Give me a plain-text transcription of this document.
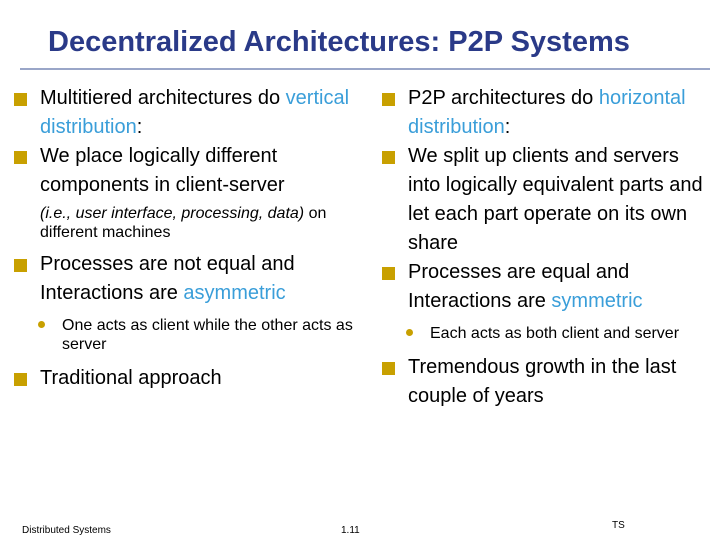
Decentralized Architectures: P2P Systems
Multitiered architectures do vertical distribution:
We place logically different components in client-server
(i.e., user interface, processing, data) on different machines
Processes are not equal and Interactions are asymmetric
One acts as client while the other acts as server
Traditional approach
P2P architectures do horizontal distribution:
We split up clients and servers into logically equivalent parts and let each part operate on its own share
Processes are equal and Interactions are symmetric
Each acts as both client and server
Tremendous growth in the last couple of years
Distributed Systems	1.11	TS
